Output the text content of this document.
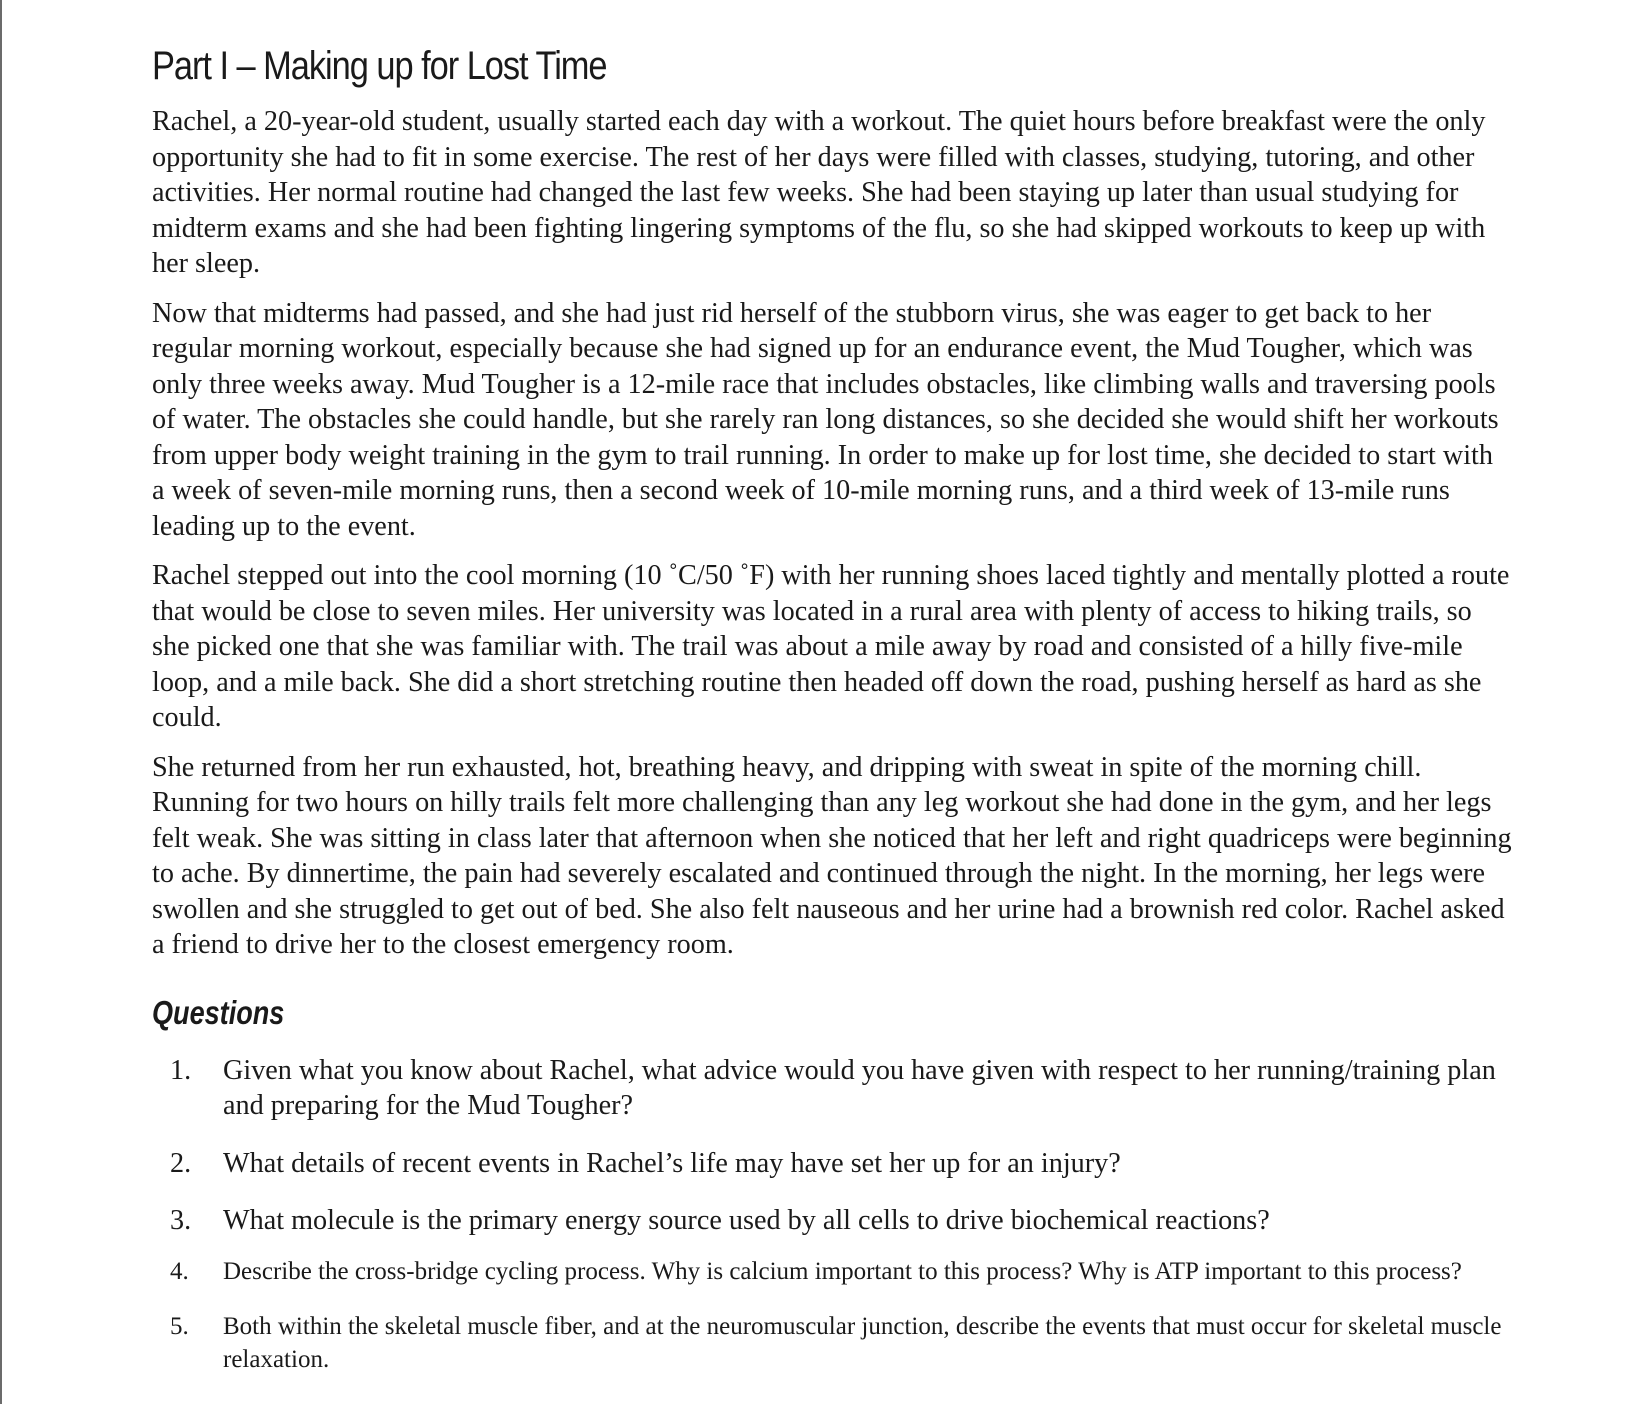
Part I – Making up for Lost Time

Rachel, a 20-year-old student, usually started each day with a workout. The quiet hours before breakfast were the only opportunity she had to fit in some exercise. The rest of her days were filled with classes, studying, tutoring, and other activities. Her normal routine had changed the last few weeks. She had been staying up later than usual studying for midterm exams and she had been fighting lingering symptoms of the flu, so she had skipped workouts to keep up with her sleep.

Now that midterms had passed, and she had just rid herself of the stubborn virus, she was eager to get back to her regular morning workout, especially because she had signed up for an endurance event, the Mud Tougher, which was only three weeks away. Mud Tougher is a 12-mile race that includes obstacles, like climbing walls and traversing pools of water. The obstacles she could handle, but she rarely ran long distances, so she decided she would shift her workouts from upper body weight training in the gym to trail running. In order to make up for lost time, she decided to start with a week of seven-mile morning runs, then a second week of 10-mile morning runs, and a third week of 13-mile runs leading up to the event.

Rachel stepped out into the cool morning (10 ˚C/50 ˚F) with her running shoes laced tightly and mentally plotted a route that would be close to seven miles. Her university was located in a rural area with plenty of access to hiking trails, so she picked one that she was familiar with. The trail was about a mile away by road and consisted of a hilly five-mile loop, and a mile back. She did a short stretching routine then headed off down the road, pushing herself as hard as she could.

She returned from her run exhausted, hot, breathing heavy, and dripping with sweat in spite of the morning chill. Running for two hours on hilly trails felt more challenging than any leg workout she had done in the gym, and her legs felt weak. She was sitting in class later that afternoon when she noticed that her left and right quadriceps were beginning to ache. By dinnertime, the pain had severely escalated and continued through the night. In the morning, her legs were swollen and she struggled to get out of bed. She also felt nauseous and her urine had a brownish red color. Rachel asked a friend to drive her to the closest emergency room.

Questions
1. Given what you know about Rachel, what advice would you have given with respect to her running/training plan and preparing for the Mud Tougher?
2. What details of recent events in Rachel’s life may have set her up for an injury?
3. What molecule is the primary energy source used by all cells to drive biochemical reactions?
4. Describe the cross-bridge cycling process. Why is calcium important to this process? Why is ATP important to this process?
5. Both within the skeletal muscle fiber, and at the neuromuscular junction, describe the events that must occur for skeletal muscle relaxation.
